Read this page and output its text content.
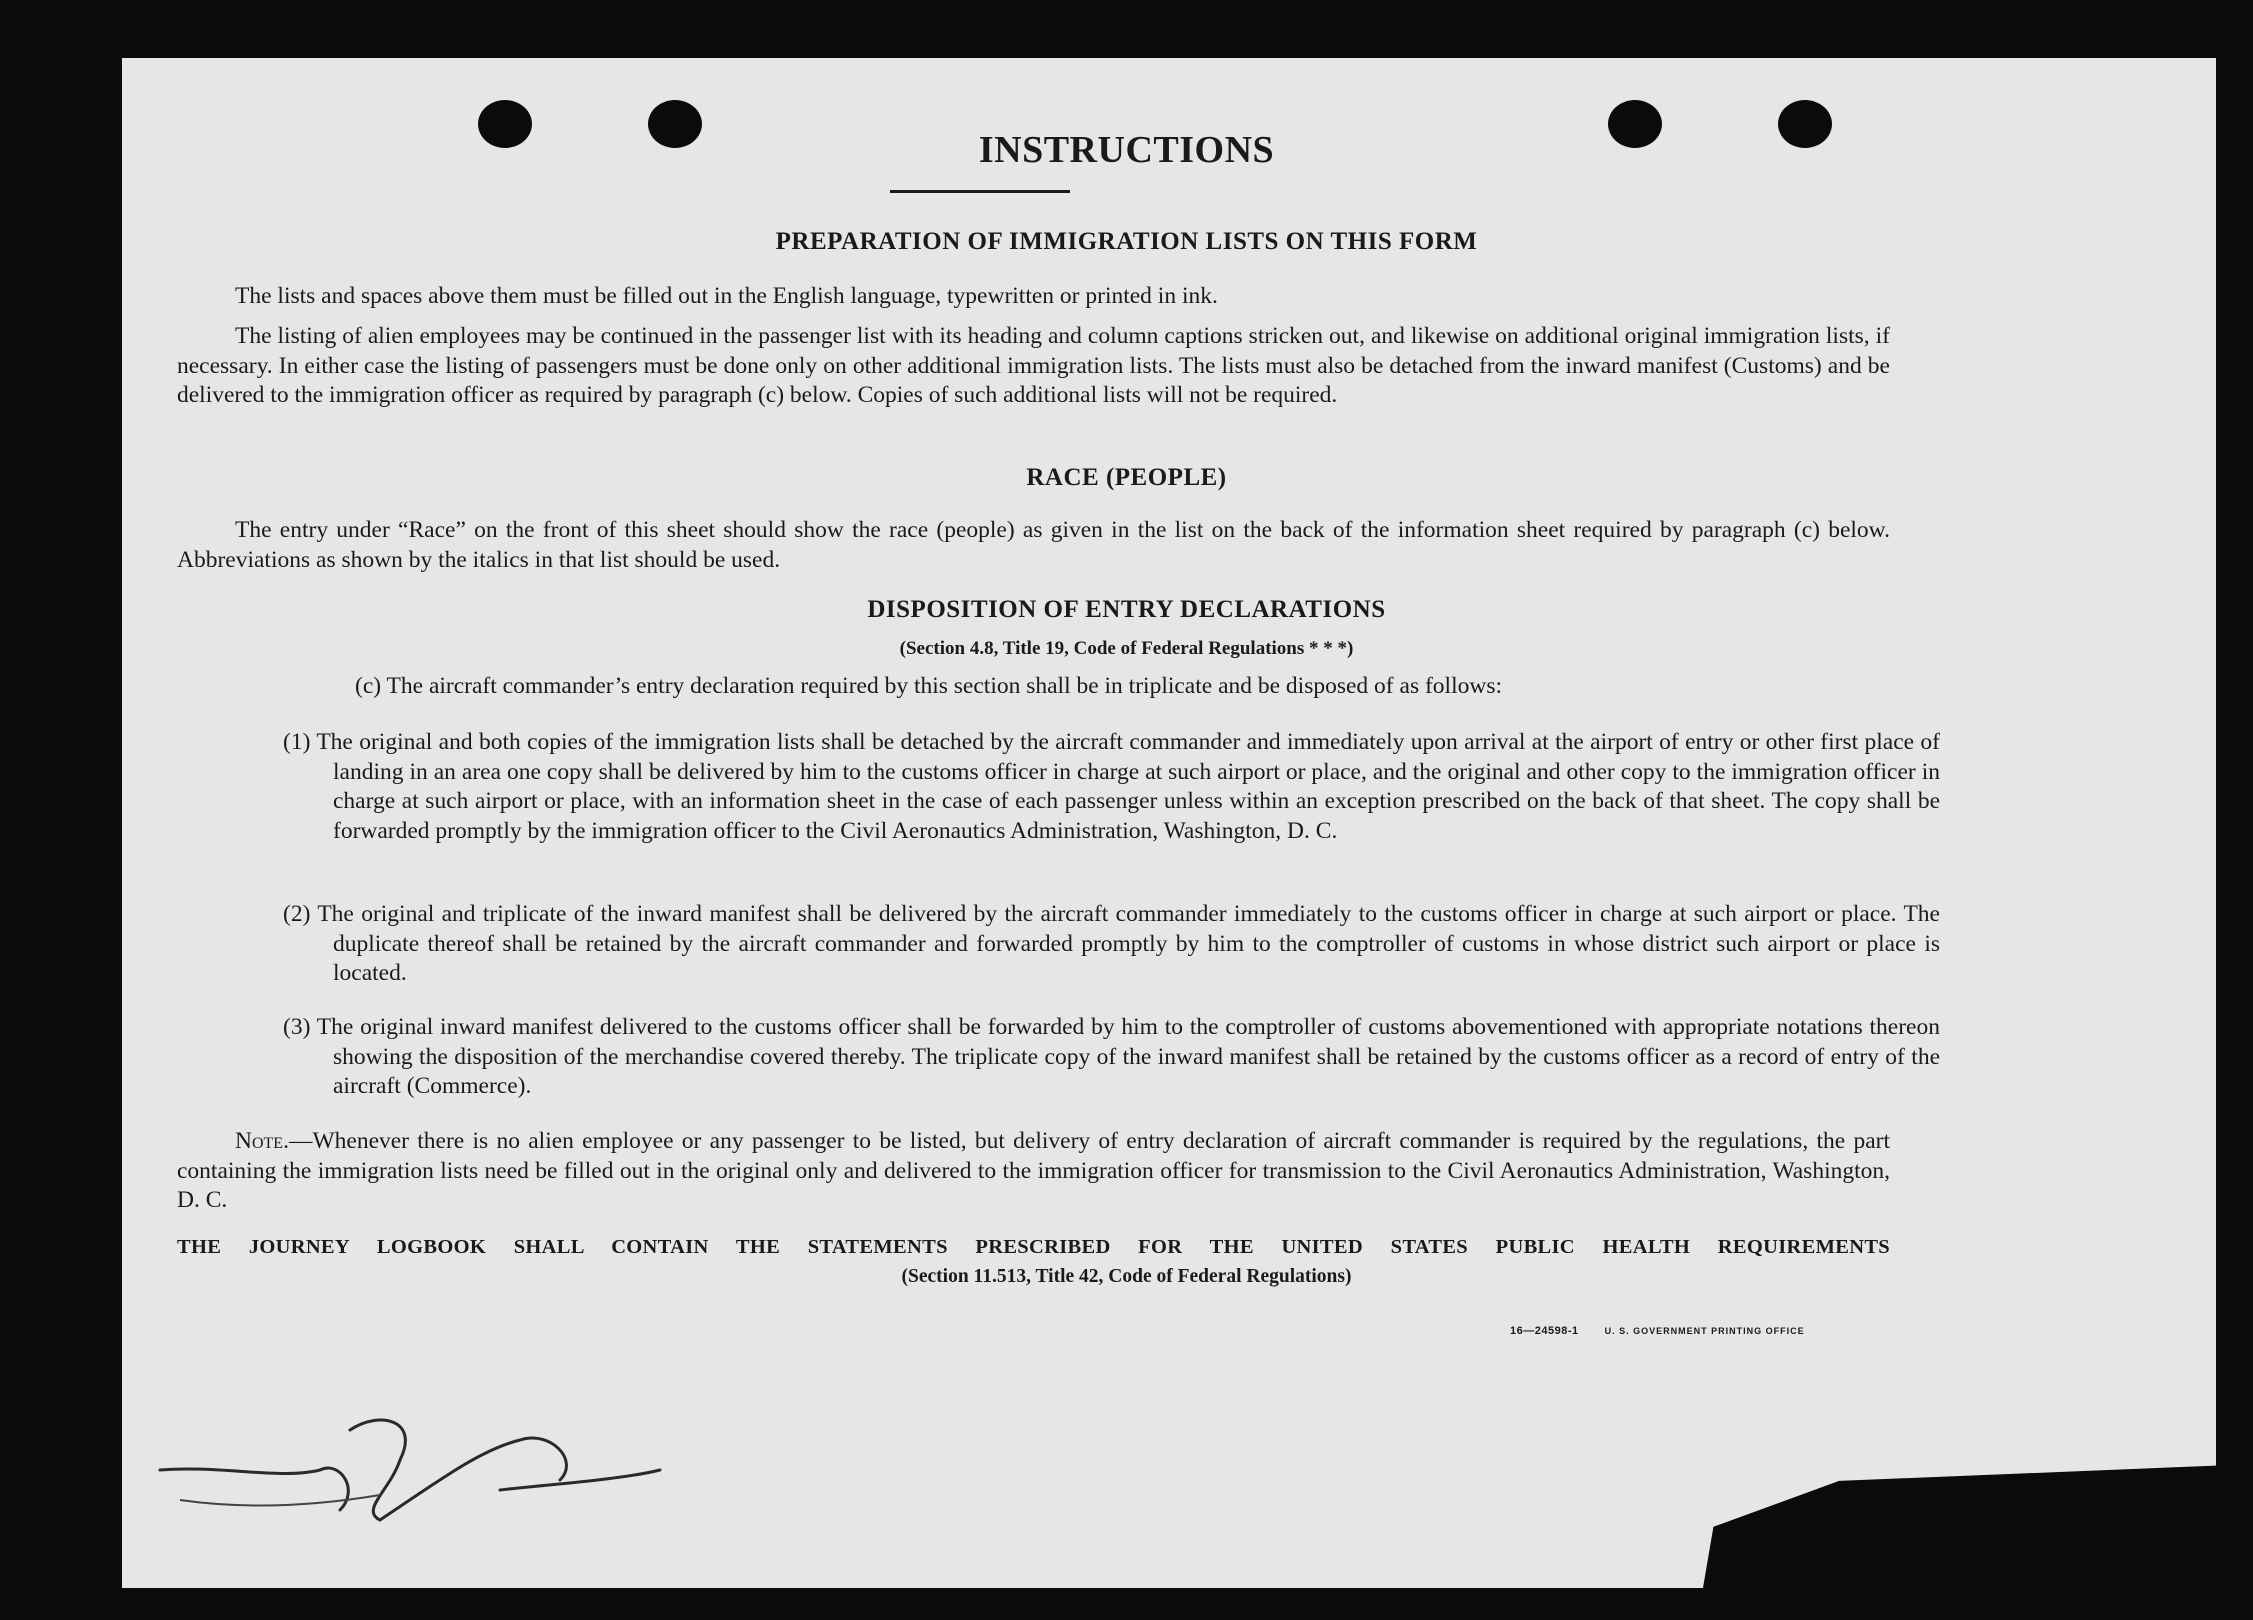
INSTRUCTIONS
PREPARATION OF IMMIGRATION LISTS ON THIS FORM
The lists and spaces above them must be filled out in the English language, typewritten or printed in ink.
The listing of alien employees may be continued in the passenger list with its heading and column captions stricken out, and likewise on additional original immigration lists, if necessary. In either case the listing of passengers must be done only on other additional immigration lists. The lists must also be detached from the inward manifest (Customs) and be delivered to the immigration officer as required by paragraph (c) below. Copies of such additional lists will not be required.
RACE (PEOPLE)
The entry under “Race” on the front of this sheet should show the race (people) as given in the list on the back of the information sheet required by paragraph (c) below. Abbreviations as shown by the italics in that list should be used.
DISPOSITION OF ENTRY DECLARATIONS
(Section 4.8, Title 19, Code of Federal Regulations * * *)
(c) The aircraft commander’s entry declaration required by this section shall be in triplicate and be disposed of as follows:
(1) The original and both copies of the immigration lists shall be detached by the aircraft commander and immediately upon arrival at the airport of entry or other first place of landing in an area one copy shall be delivered by him to the customs officer in charge at such airport or place, and the original and other copy to the immigration officer in charge at such airport or place, with an information sheet in the case of each passenger unless within an exception prescribed on the back of that sheet. The copy shall be forwarded promptly by the immigration officer to the Civil Aeronautics Administration, Washington, D. C.
(2) The original and triplicate of the inward manifest shall be delivered by the aircraft commander immediately to the customs officer in charge at such airport or place. The duplicate thereof shall be retained by the aircraft commander and forwarded promptly by him to the comptroller of customs in whose district such airport or place is located.
(3) The original inward manifest delivered to the customs officer shall be forwarded by him to the comptroller of customs abovementioned with appropriate notations thereon showing the disposition of the merchandise covered thereby. The triplicate copy of the inward manifest shall be retained by the customs officer as a record of entry of the aircraft (Commerce).
Note.—Whenever there is no alien employee or any passenger to be listed, but delivery of entry declaration of aircraft commander is required by the regulations, the part containing the immigration lists need be filled out in the original only and delivered to the immigration officer for transmission to the Civil Aeronautics Administration, Washington, D. C.
THE JOURNEY LOGBOOK SHALL CONTAIN THE STATEMENTS PRESCRIBED FOR THE UNITED STATES PUBLIC HEALTH REQUIREMENTS
(Section 11.513, Title 42, Code of Federal Regulations)
16—24598-1	U. S. GOVERNMENT PRINTING OFFICE
